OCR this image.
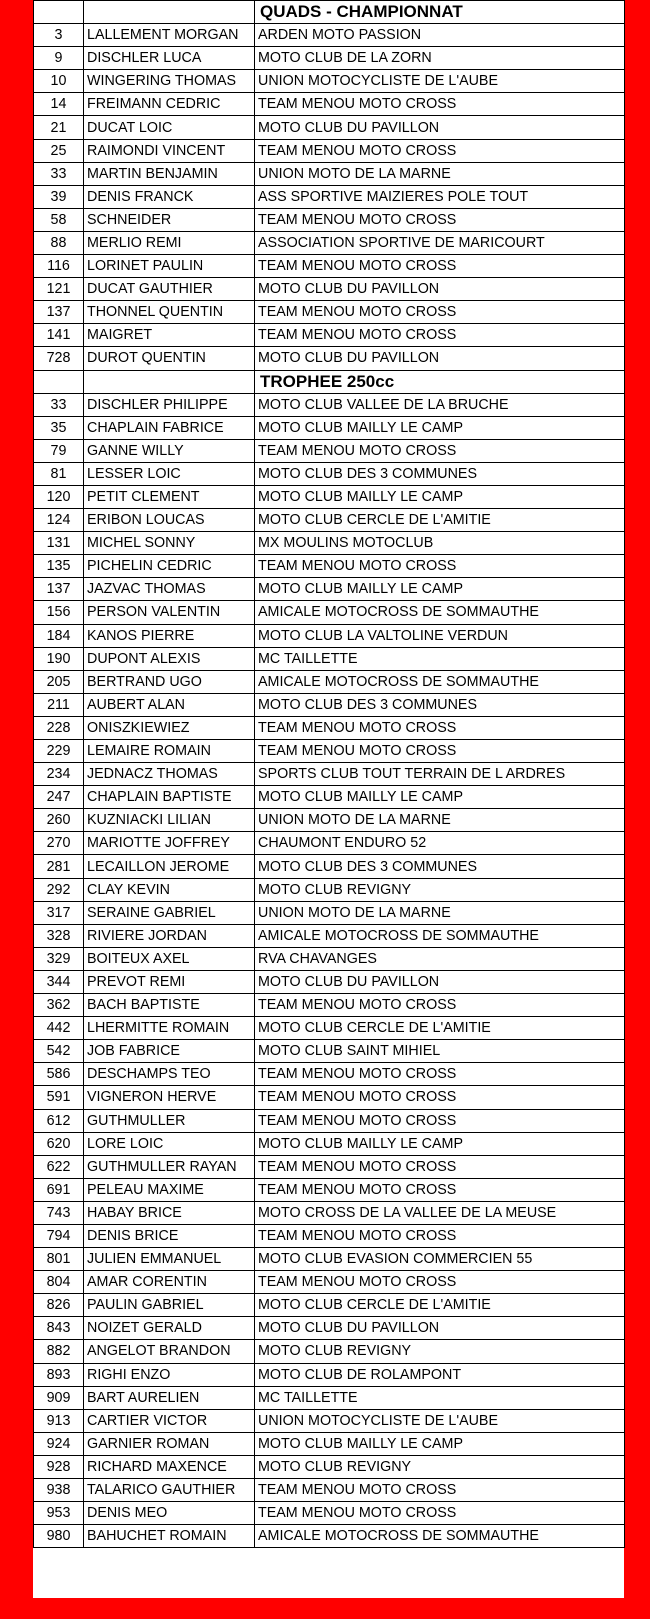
		QUADS - CHAMPIONNAT
3	LALLEMENT MORGAN	ARDEN MOTO PASSION
9	DISCHLER LUCA	MOTO CLUB DE LA ZORN
10	WINGERING THOMAS	UNION MOTOCYCLISTE DE L'AUBE
14	FREIMANN CEDRIC	TEAM MENOU MOTO CROSS
21	DUCAT LOIC	MOTO CLUB DU PAVILLON
25	RAIMONDI VINCENT	TEAM MENOU MOTO CROSS
33	MARTIN BENJAMIN	UNION MOTO DE LA MARNE
39	DENIS FRANCK	ASS SPORTIVE MAIZIERES POLE TOUT
58	SCHNEIDER	TEAM MENOU MOTO CROSS
88	MERLIO REMI	ASSOCIATION SPORTIVE DE MARICOURT
116	LORINET PAULIN	TEAM MENOU MOTO CROSS
121	DUCAT GAUTHIER	MOTO CLUB DU PAVILLON
137	THONNEL QUENTIN	TEAM MENOU MOTO CROSS
141	MAIGRET	TEAM MENOU MOTO CROSS
728	DUROT QUENTIN	MOTO CLUB DU PAVILLON
		TROPHEE 250cc
33	DISCHLER PHILIPPE	MOTO CLUB VALLEE DE LA BRUCHE
35	CHAPLAIN FABRICE	MOTO CLUB MAILLY LE CAMP
79	GANNE WILLY	TEAM MENOU MOTO CROSS
81	LESSER LOIC	MOTO CLUB DES 3 COMMUNES
120	PETIT CLEMENT	MOTO CLUB MAILLY LE CAMP
124	ERIBON LOUCAS	MOTO CLUB CERCLE DE L'AMITIE
131	MICHEL SONNY	MX MOULINS MOTOCLUB
135	PICHELIN CEDRIC	TEAM MENOU MOTO CROSS
137	JAZVAC THOMAS	MOTO CLUB MAILLY LE CAMP
156	PERSON VALENTIN	AMICALE MOTOCROSS DE SOMMAUTHE
184	KANOS PIERRE	MOTO CLUB LA VALTOLINE VERDUN
190	DUPONT ALEXIS	MC TAILLETTE
205	BERTRAND UGO	AMICALE MOTOCROSS DE SOMMAUTHE
211	AUBERT ALAN	MOTO CLUB DES 3 COMMUNES
228	ONISZKIEWIEZ	TEAM MENOU MOTO CROSS
229	LEMAIRE ROMAIN	TEAM MENOU MOTO CROSS
234	JEDNACZ THOMAS	SPORTS CLUB TOUT TERRAIN DE L ARDRES
247	CHAPLAIN BAPTISTE	MOTO CLUB MAILLY LE CAMP
260	KUZNIACKI LILIAN	UNION MOTO DE LA MARNE
270	MARIOTTE JOFFREY	CHAUMONT ENDURO 52
281	LECAILLON JEROME	MOTO CLUB DES 3 COMMUNES
292	CLAY KEVIN	MOTO CLUB REVIGNY
317	SERAINE GABRIEL	UNION MOTO DE LA MARNE
328	RIVIERE JORDAN	AMICALE MOTOCROSS DE SOMMAUTHE
329	BOITEUX AXEL	RVA CHAVANGES
344	PREVOT REMI	MOTO CLUB DU PAVILLON
362	BACH BAPTISTE	TEAM MENOU MOTO CROSS
442	LHERMITTE ROMAIN	MOTO CLUB CERCLE DE L'AMITIE
542	JOB FABRICE	MOTO CLUB SAINT MIHIEL
586	DESCHAMPS TEO	TEAM MENOU MOTO CROSS
591	VIGNERON HERVE	TEAM MENOU MOTO CROSS
612	GUTHMULLER	TEAM MENOU MOTO CROSS
620	LORE LOIC	MOTO CLUB MAILLY LE CAMP
622	GUTHMULLER RAYAN	TEAM MENOU MOTO CROSS
691	PELEAU MAXIME	TEAM MENOU MOTO CROSS
743	HABAY BRICE	MOTO CROSS DE LA VALLEE DE LA MEUSE
794	DENIS BRICE	TEAM MENOU MOTO CROSS
801	JULIEN EMMANUEL	MOTO CLUB EVASION COMMERCIEN 55
804	AMAR CORENTIN	TEAM MENOU MOTO CROSS
826	PAULIN GABRIEL	MOTO CLUB CERCLE DE L'AMITIE
843	NOIZET GERALD	MOTO CLUB DU PAVILLON
882	ANGELOT BRANDON	MOTO CLUB REVIGNY
893	RIGHI ENZO	MOTO CLUB DE ROLAMPONT
909	BART AURELIEN	MC TAILLETTE
913	CARTIER VICTOR	UNION MOTOCYCLISTE DE L'AUBE
924	GARNIER ROMAN	MOTO CLUB MAILLY LE CAMP
928	RICHARD MAXENCE	MOTO CLUB REVIGNY
938	TALARICO GAUTHIER	TEAM MENOU MOTO CROSS
953	DENIS MEO	TEAM MENOU MOTO CROSS
980	BAHUCHET ROMAIN	AMICALE MOTOCROSS DE SOMMAUTHE
